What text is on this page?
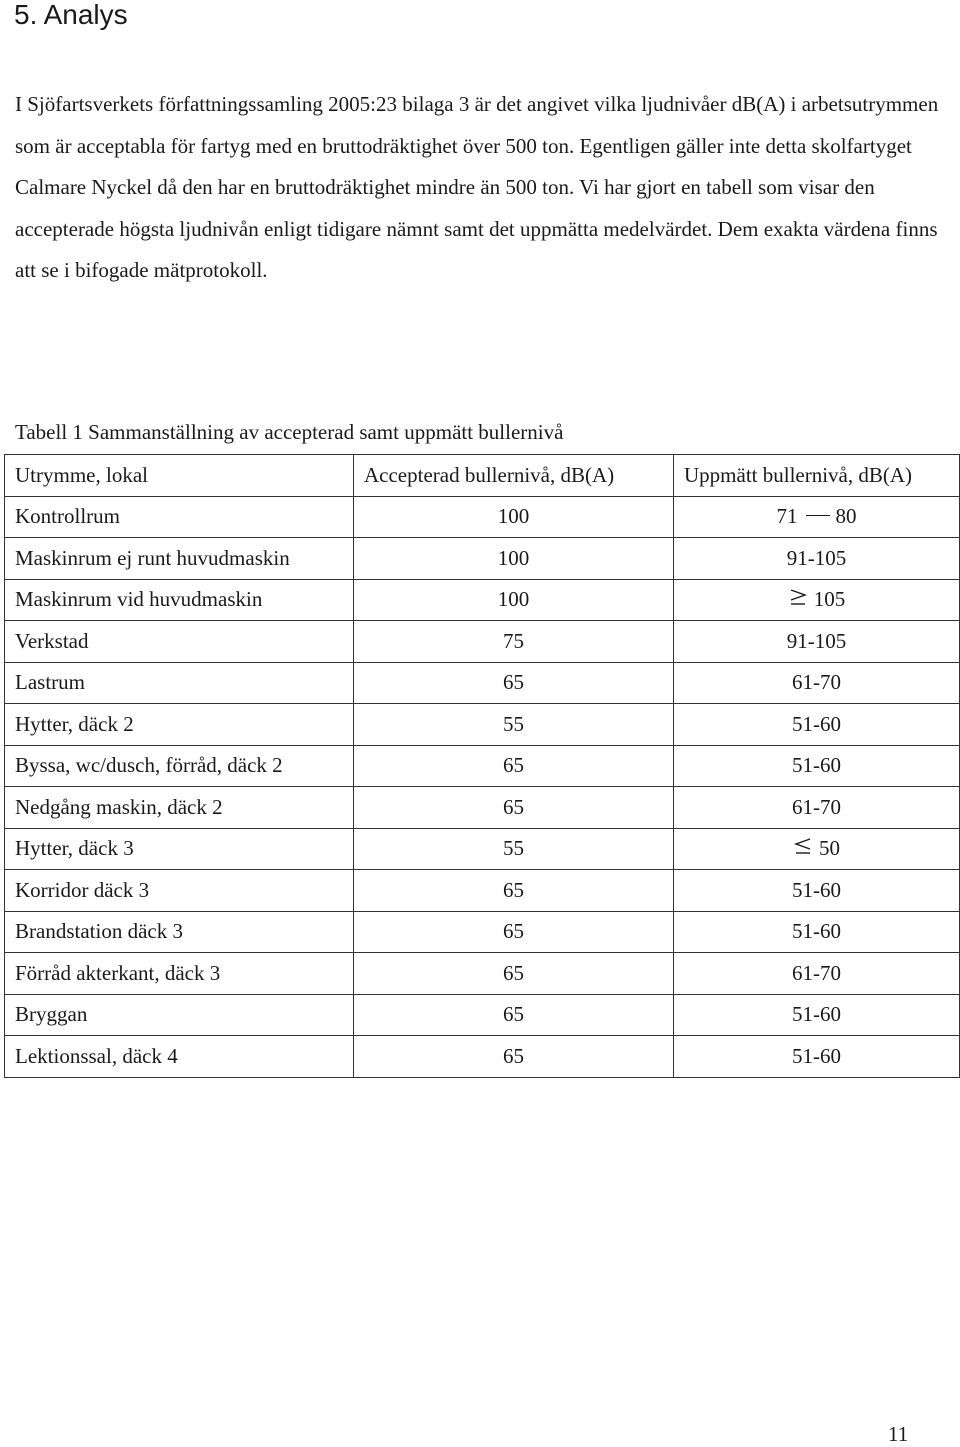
5. Analys

I Sjöfartsverkets författningssamling 2005:23 bilaga 3 är det angivet vilka ljudnivåer dB(A) i arbetsutrymmen som är acceptabla för fartyg med en bruttodräktighet över 500 ton. Egentligen gäller inte detta skolfartyget Calmare Nyckel då den har en bruttodräktighet mindre än 500 ton. Vi har gjort en tabell som visar den accepterade högsta ljudnivån enligt tidigare nämnt samt det uppmätta medelvärdet. Dem exakta värdena finns att se i bifogade mätprotokoll.

Tabell 1 Sammanställning av accepterad samt uppmätt bullernivå

Utrymme, lokal	Accepterad bullernivå, dB(A)	Uppmätt bullernivå, dB(A)
Kontrollrum	100	71 80
Maskinrum ej runt huvudmaskin	100	91-105
Maskinrum vid huvudmaskin	100	105
Verkstad	75	91-105
Lastrum	65	61-70
Hytter, däck 2	55	51-60
Byssa, wc/dusch, förråd, däck 2	65	51-60
Nedgång maskin, däck 2	65	61-70
Hytter, däck 3	55	50
Korridor däck 3	65	51-60
Brandstation däck 3	65	51-60
Förråd akterkant, däck 3	65	61-70
Bryggan	65	51-60
Lektionssal, däck 4	65	51-60
11
